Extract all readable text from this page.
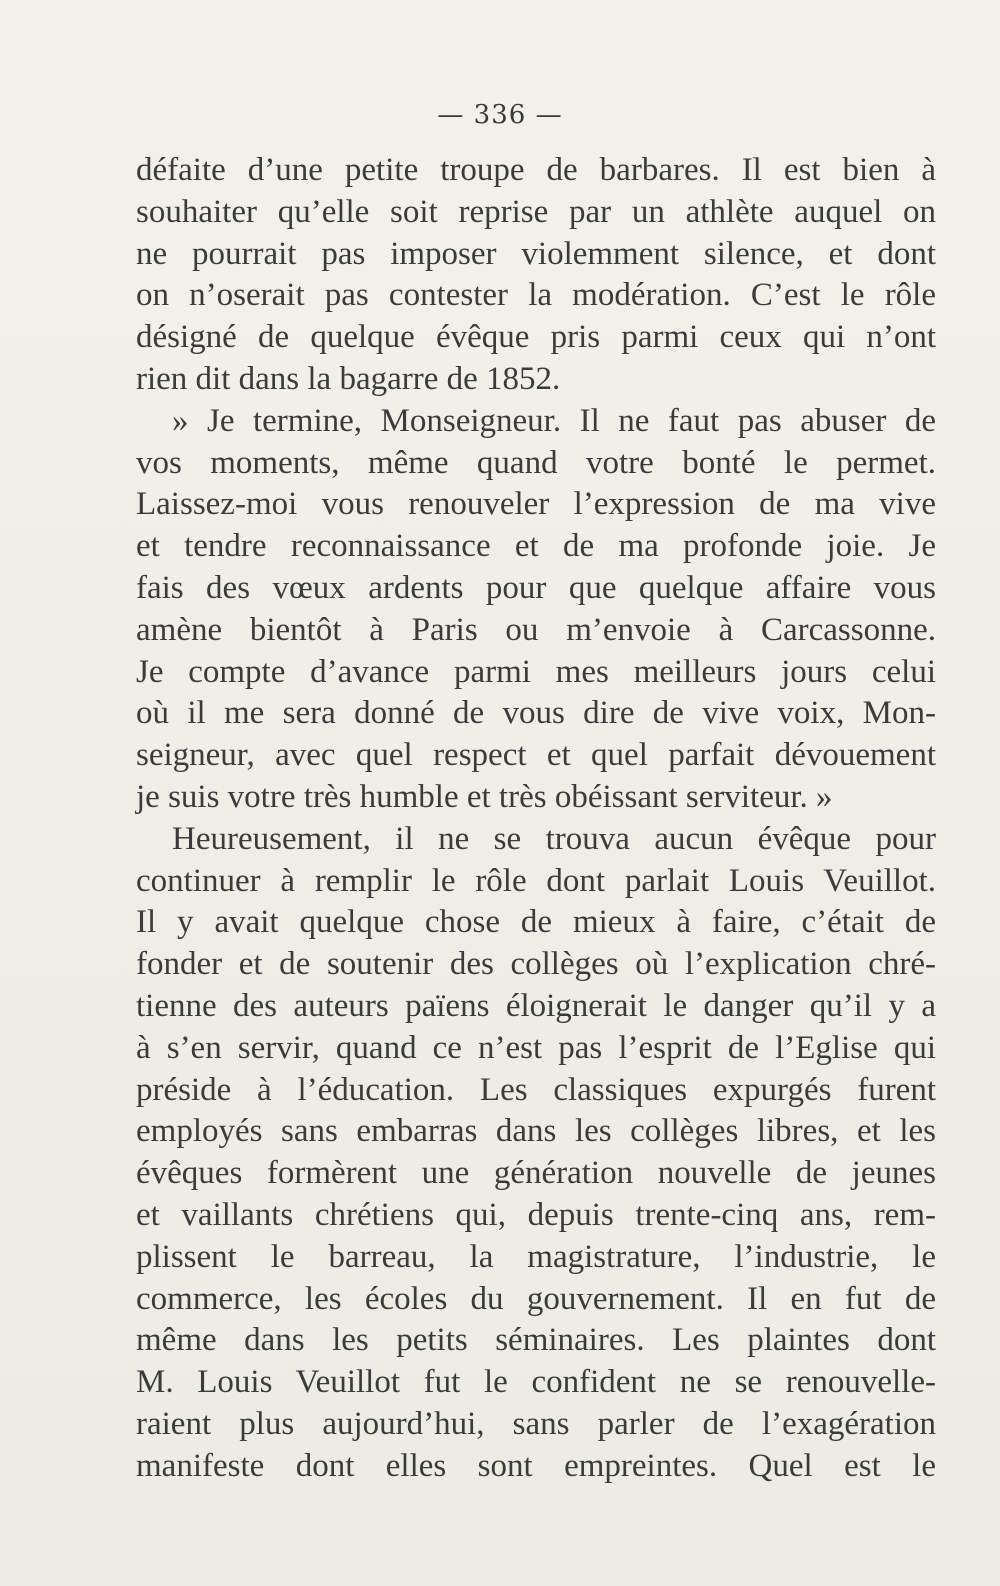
— 336 —
défaite d’une petite troupe de barbares. Il est bien à
souhaiter qu’elle soit reprise par un athlète auquel on
ne pourrait pas imposer violemment silence, et dont
on n’oserait pas contester la modération. C’est le rôle
désigné de quelque évêque pris parmi ceux qui n’ont
rien dit dans la bagarre de 1852.
» Je termine, Monseigneur. Il ne faut pas abuser de
vos moments, même quand votre bonté le permet.
Laissez-moi vous renouveler l’expression de ma vive
et tendre reconnaissance et de ma profonde joie. Je
fais des vœux ardents pour que quelque affaire vous
amène bientôt à Paris ou m’envoie à Carcassonne.
Je compte d’avance parmi mes meilleurs jours celui
où il me sera donné de vous dire de vive voix, Mon-
seigneur, avec quel respect et quel parfait dévouement
je suis votre très humble et très obéissant serviteur. »
Heureusement, il ne se trouva aucun évêque pour
continuer à remplir le rôle dont parlait Louis Veuillot.
Il y avait quelque chose de mieux à faire, c’était de
fonder et de soutenir des collèges où l’explication chré-
tienne des auteurs païens éloignerait le danger qu’il y a
à s’en servir, quand ce n’est pas l’esprit de l’Eglise qui
préside à l’éducation. Les classiques expurgés furent
employés sans embarras dans les collèges libres, et les
évêques formèrent une génération nouvelle de jeunes
et vaillants chrétiens qui, depuis trente-cinq ans, rem-
plissent le barreau, la magistrature, l’industrie, le
commerce, les écoles du gouvernement. Il en fut de
même dans les petits séminaires. Les plaintes dont
M. Louis Veuillot fut le confident ne se renouvelle-
raient plus aujourd’hui, sans parler de l’exagération
manifeste dont elles sont empreintes. Quel est le
